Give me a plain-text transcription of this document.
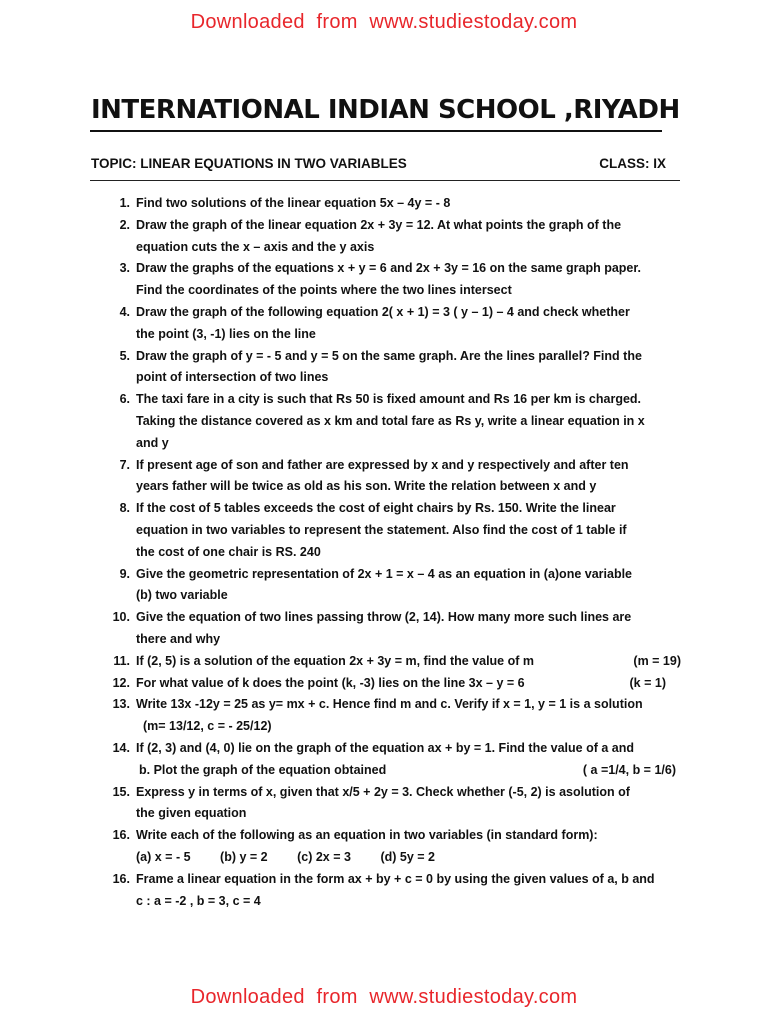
Downloaded  from  www.studiestoday.com
INTERNATIONAL INDIAN SCHOOL ,RIYADH
TOPIC: LINEAR EQUATIONS IN TWO VARIABLES	CLASS: IX
1. Find two solutions of the linear equation 5x – 4y = - 8
2. Draw the graph of the linear equation 2x + 3y = 12. At what points the graph of the
equation cuts the x – axis and the y axis
3. Draw the graphs of the equations x + y = 6 and 2x + 3y = 16 on the same graph paper.
Find the coordinates of the points where the two lines intersect
4. Draw the graph of the following equation 2( x + 1) = 3 ( y – 1) – 4 and check whether
the point (3, -1) lies on the line
5. Draw the graph of y = - 5 and y = 5 on the same graph. Are the lines parallel? Find the
point of intersection of two lines
6. The taxi fare in a city is such that Rs 50 is fixed amount and Rs 16 per km is charged.
Taking the distance covered as x km and total fare as Rs y, write a linear equation in x
and y
7. If present age of son and father are expressed by x and y respectively and after ten
years father will be twice as old as his son. Write the relation between x and y
8. If the cost of 5 tables exceeds the cost of eight chairs by Rs. 150. Write the linear
equation in two variables to represent the statement. Also find the cost of 1 table if
the cost of one chair is RS. 240
9. Give the geometric representation of 2x + 1 = x – 4 as an equation in (a)one variable
(b) two variable
10. Give the equation of two lines passing throw (2, 14). How many more such lines are
there and why
11. If (2, 5) is a solution of the equation 2x + 3y = m, find the value of m	(m = 19)
12. For what value of k does the point (k, -3) lies on the line 3x – y = 6	(k = 1)
13. Write 13x -12y = 25 as y= mx + c. Hence find m and c. Verify if x = 1, y = 1 is a solution
(m= 13/12, c = - 25/12)
14. If (2, 3) and (4, 0) lie on the graph of the equation ax + by = 1. Find the value of a and
b. Plot the graph of the equation obtained	( a =1/4, b = 1/6)
15. Express y in terms of x, given that x/5 + 2y = 3. Check whether (-5, 2) is asolution of
the given equation
16. Write each of the following as an equation in two variables (in standard form):
(a) x = - 5 (b) y = 2 (c) 2x = 3 (d) 5y = 2
16. Frame a linear equation in the form ax + by + c = 0 by using the given values of a, b and
c : a = -2 , b = 3, c = 4
Downloaded  from  www.studiestoday.com
